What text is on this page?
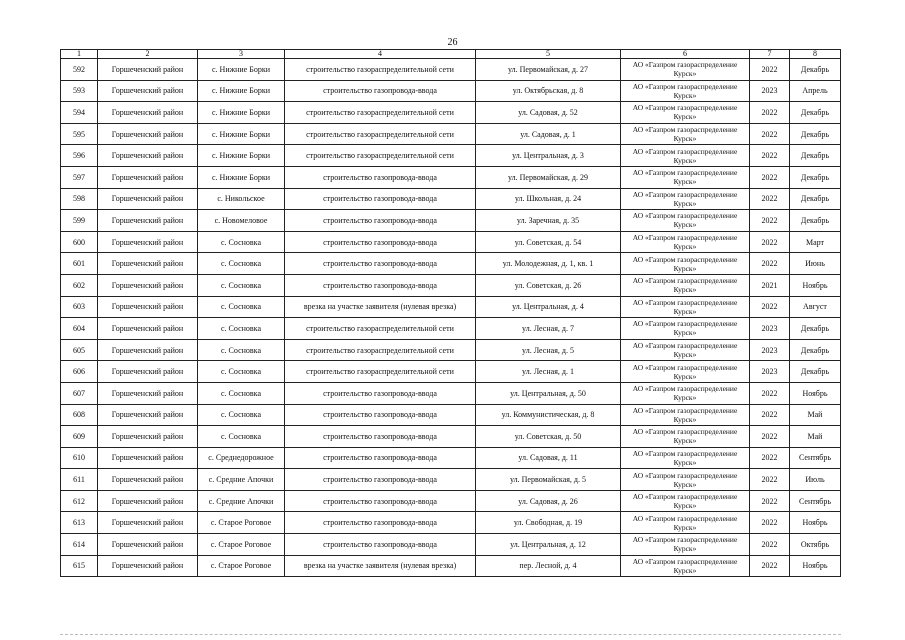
26
1	2	3	4	5	6	7	8
592	Горшеченский район	с. Нижние Борки	строительство газораспределительной сети	ул. Первомайская, д. 27	АО «Газпром газораспределение Курск»	2022	Декабрь
593	Горшеченский район	с. Нижние Борки	строительство газопровода-ввода	ул. Октябрьская, д. 8	АО «Газпром газораспределение Курск»	2023	Апрель
594	Горшеченский район	с. Нижние Борки	строительство газораспределительной сети	ул. Садовая, д. 52	АО «Газпром газораспределение Курск»	2022	Декабрь
595	Горшеченский район	с. Нижние Борки	строительство газораспределительной сети	ул. Садовая, д. 1	АО «Газпром газораспределение Курск»	2022	Декабрь
596	Горшеченский район	с. Нижние Борки	строительство газораспределительной сети	ул. Центральная, д. 3	АО «Газпром газораспределение Курск»	2022	Декабрь
597	Горшеченский район	с. Нижние Борки	строительство газопровода-ввода	ул. Первомайская, д. 29	АО «Газпром газораспределение Курск»	2022	Декабрь
598	Горшеченский район	с. Никольское	строительство газопровода-ввода	ул. Школьная, д. 24	АО «Газпром газораспределение Курск»	2022	Декабрь
599	Горшеченский район	с. Новомеловое	строительство газопровода-ввода	ул. Заречная, д. 35	АО «Газпром газораспределение Курск»	2022	Декабрь
600	Горшеченский район	с. Сосновка	строительство газопровода-ввода	ул. Советская, д. 54	АО «Газпром газораспределение Курск»	2022	Март
601	Горшеченский район	с. Сосновка	строительство газопровода-ввода	ул. Молодежная, д. 1, кв. 1	АО «Газпром газораспределение Курск»	2022	Июнь
602	Горшеченский район	с. Сосновка	строительство газопровода-ввода	ул. Советская, д. 26	АО «Газпром газораспределение Курск»	2021	Ноябрь
603	Горшеченский район	с. Сосновка	врезка на участке заявителя (нулевая врезка)	ул. Центральная, д. 4	АО «Газпром газораспределение Курск»	2022	Август
604	Горшеченский район	с. Сосновка	строительство газораспределительной сети	ул. Лесная, д. 7	АО «Газпром газораспределение Курск»	2023	Декабрь
605	Горшеченский район	с. Сосновка	строительство газораспределительной сети	ул. Лесная, д. 5	АО «Газпром газораспределение Курск»	2023	Декабрь
606	Горшеченский район	с. Сосновка	строительство газораспределительной сети	ул. Лесная, д. 1	АО «Газпром газораспределение Курск»	2023	Декабрь
607	Горшеченский район	с. Сосновка	строительство газопровода-ввода	ул. Центральная, д. 50	АО «Газпром газораспределение Курск»	2022	Ноябрь
608	Горшеченский район	с. Сосновка	строительство газопровода-ввода	ул. Коммунистическая, д. 8	АО «Газпром газораспределение Курск»	2022	Май
609	Горшеченский район	с. Сосновка	строительство газопровода-ввода	ул. Советская, д. 50	АО «Газпром газораспределение Курск»	2022	Май
610	Горшеченский район	с. Среднедорожное	строительство газопровода-ввода	ул. Садовая, д. 11	АО «Газпром газораспределение Курск»	2022	Сентябрь
611	Горшеченский район	с. Средние Апочки	строительство газопровода-ввода	ул. Первомайская, д. 5	АО «Газпром газораспределение Курск»	2022	Июль
612	Горшеченский район	с. Средние Апочки	строительство газопровода-ввода	ул. Садовая, д. 26	АО «Газпром газораспределение Курск»	2022	Сентябрь
613	Горшеченский район	с. Старое Роговое	строительство газопровода-ввода	ул. Свободная, д. 19	АО «Газпром газораспределение Курск»	2022	Ноябрь
614	Горшеченский район	с. Старое Роговое	строительство газопровода-ввода	ул. Центральная, д. 12	АО «Газпром газораспределение Курск»	2022	Октябрь
615	Горшеченский район	с. Старое Роговое	врезка на участке заявителя (нулевая врезка)	пер. Лесной, д. 4	АО «Газпром газораспределение Курск»	2022	Ноябрь
